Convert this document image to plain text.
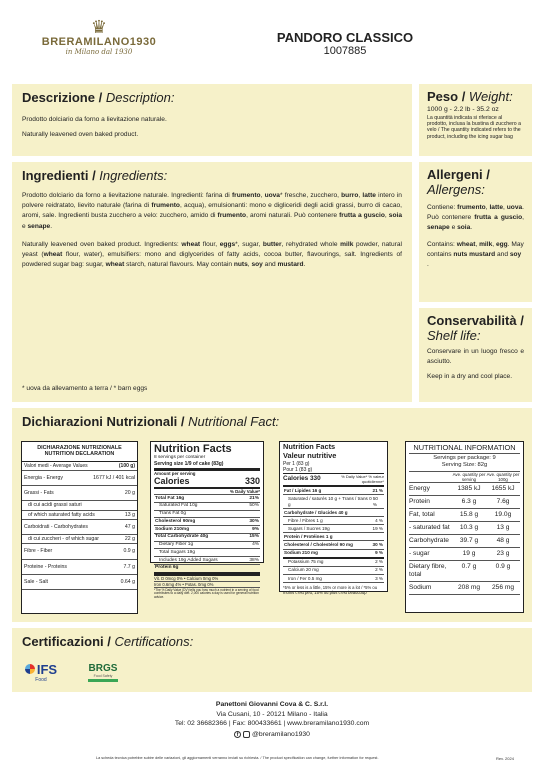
♛
BRERAMILANO1930
in Milano dal 1930
PANDORO CLASSICO
1007885
Descrizione / Description:
Prodotto dolciario da forno a lievitazione naturale.
Naturally leavened oven baked product.
Peso / Weight:
1000 g - 2.2 lb - 35.2 oz
La quantità indicata si riferisce al prodotto, inclusa la bustina di zucchero a velo / The quantity indicated refers to the product, including the icing sugar bag
Ingredienti / Ingredients:
Prodotto dolciario da forno a lievitazione naturale. Ingredienti: farina di frumento, uova* fresche, zucchero, burro, latte intero in polvere reidratato, lievito naturale (farina di frumento, acqua), emulsionanti: mono e digliceridi degli acidi grassi, burro di cacao, aromi, sale. Ingredienti busta zucchero a velo: zucchero, amido di frumento, aromi naturali. Può contenere frutta a guscio, soia e senape.
Naturally leavened oven baked product. Ingredients: wheat flour, eggs*, sugar, butter, rehydrated whole milk powder, natural yeast (wheat flour, water), emulsifiers: mono and diglycerides of fatty acids, cocoa butter, flavourings, salt. Ingredients of powdered sugar bag: sugar, wheat starch, natural flavours. May contain nuts, soy and mustard.
* uova da allevamento a terra / * barn eggs
Allergeni /
Allergens:
Contiene: frumento, latte, uova. Può contenere frutta a guscio, senape e soia.
Contains: wheat, milk, egg. May contains nuts mustard and soy .
Conservabilità /
Shelf life:
Conservare in un luogo fresco e asciutto.
Keep in a dry and cool place.
Dichiarazioni Nutrizionali / Nutritional Fact:
DICHIARAZIONE NUTRIZIONALE NUTRITION DECLARATION
Valori medi - Average Values	(100 g)
Energia - Energy	1677 kJ / 401 kcal
Grassi - Fats	20 g
di cui acidi grassi saturi
of which saturated fatty acids	13 g
Carboidrati - Carbohydrates	47 g
di cui zuccheri - of which sugar	22 g
Fibre - Fiber	0.9 g
Proteine - Proteins	7.7 g
Sale - Salt	0.64 g
Nutrition Facts
8 servings per container
Serving size 1/9 of cake (83g)
Amount per serving
Calories	330
% Daily Value*
Total Fat 16g	21%
Saturated Fat 10g	50%
Trans Fat 0g
Cholesterol 90mg	30%
Sodium 210mg	9%
Total Carbohydrate 40g	15%
Dietary Fiber 1g	4%
Total Sugars 19g
Includes 19g Added Sugars	38%
Protein 6g
Vit. D 0mcg 0% • Calcium 0mg 0%
Iron 0.6mg 4% • Potas. 0mg 0%
*The % Daily Value (DV) tells you how much a nutrient in a serving of food contributes to a daily diet. 2,000 calories a day is used for general nutrition advice.
Nutrition Facts
Valeur nutritive
Per 1 (83 g)
Pour 1 (83 g)
Calories 330	% Daily Value* % valeur quotidienne*
Fat / Lipides 16 g	21 %
Saturated / saturés 10 g + Trans / trans 0 g
50 %
Carbohydrate / Glucides 40 g
Fibre / Fibres 1 g	4 %
Sugars / Sucres 19g	19 %
Protein / Protéines 1 g
Cholesterol / Cholestérol 90 mg	30 %
Sodium 210 mg	9 %
Potassium 75 mg	2 %
Calcium 20 mg	2 %
Iron / Fer 0.5 mg	3 %
*5% or less is a little, 15% or more is a lot / *5% ou moins c'est peu, 15% ou plus c'est beaucoup
NUTRITIONAL INFORMATION
Servings per package: 9
Serving Size: 82g
Ave. quantity per serving
Ave. quantity per 100g
Energy	1385 kJ	1655 kJ
Protein	6.3 g	7.6g
Fat, total	15.8 g	19.0g
- saturated fat	10.3 g	13 g
Carbohydrate	39.7 g	48 g
- sugar	19 g	23 g
Dietary fibre, total
0.7 g	0.9 g
Sodium	208 mg	256 mg
Certificazioni / Certifications:
IFS
Food
BRGS
Food Safety
Panettoni Giovanni Cova & C. S.r.l.
Via Cusani, 10 - 20121 Milano - Italia
Tel: 02 36682366 | Fax: 800433661 | www.breramilano1930.com
f	@breramilano1930
La scheda tecnica potrebbe subire delle variazioni, gli aggiornamenti verranno inviati su richiesta. / The product specification can change, further information for request.	Rev. 2024
